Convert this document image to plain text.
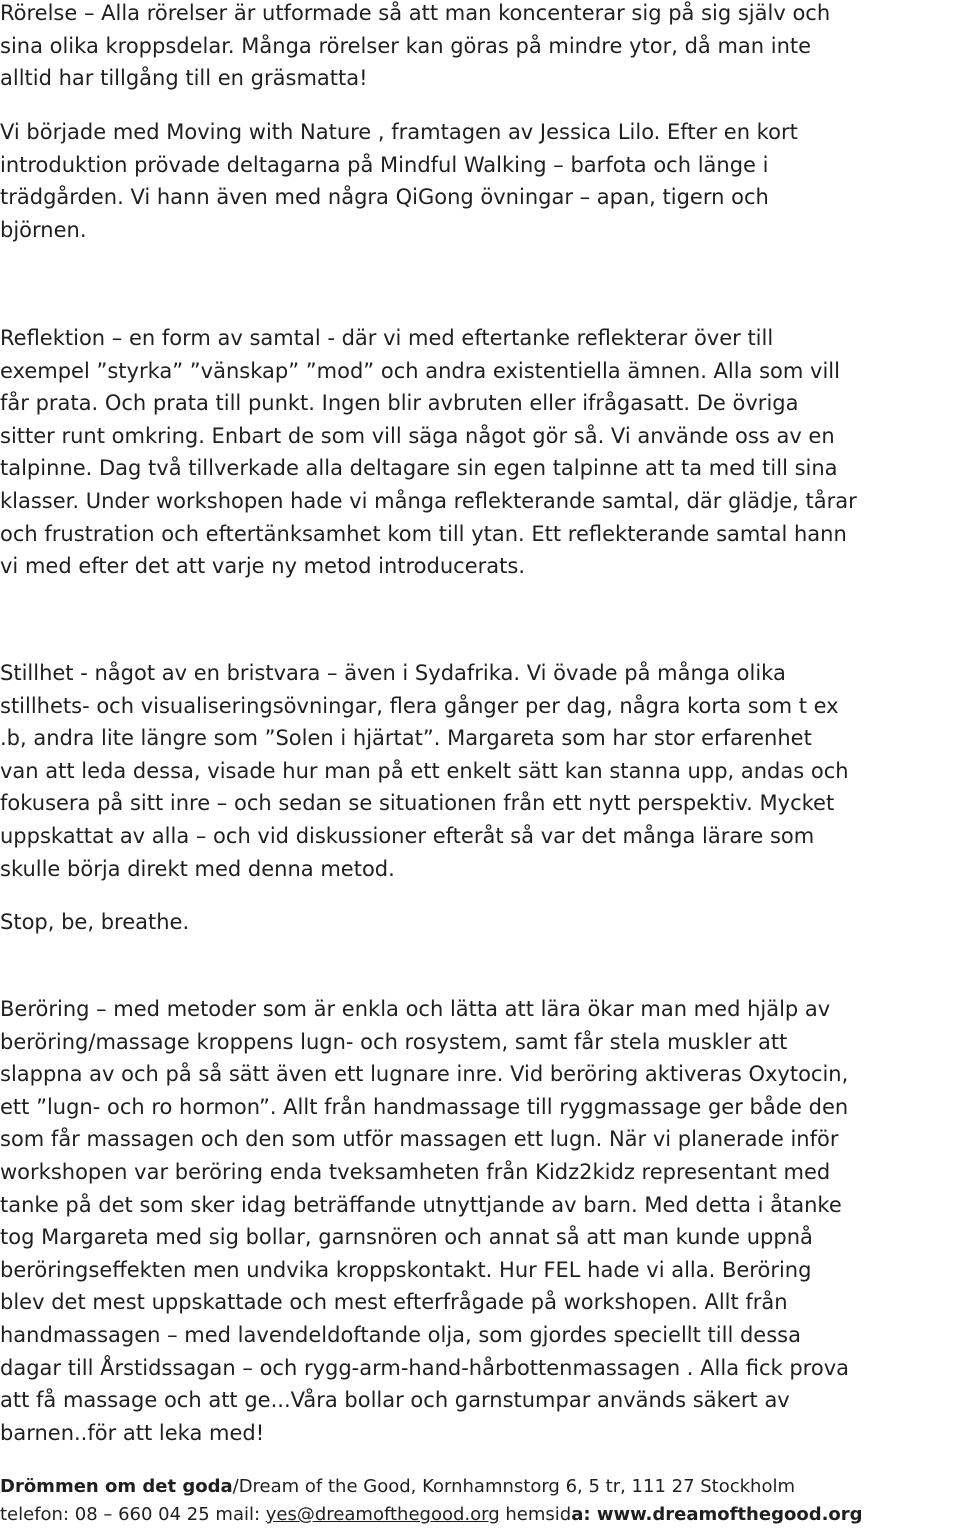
Rörelse – Alla rörelser är utformade så att man koncenterar sig på sig själv och
sina olika kroppsdelar. Många rörelser kan göras på mindre ytor, då man inte
alltid har tillgång till en gräsmatta!
Vi började med Moving with Nature , framtagen av Jessica Lilo. Efter en kort
introduktion prövade deltagarna på Mindful Walking – barfota och länge i
trädgården. Vi hann även med några QiGong övningar – apan, tigern och
björnen.
Reflektion – en form av samtal - där vi med eftertanke reflekterar över till
exempel ”styrka” ”vänskap” ”mod” och andra existentiella ämnen. Alla som vill
får prata. Och prata till punkt. Ingen blir avbruten eller ifrågasatt. De övriga
sitter runt omkring. Enbart de som vill säga något gör så. Vi använde oss av en
talpinne. Dag två tillverkade alla deltagare sin egen talpinne att ta med till sina
klasser. Under workshopen hade vi många reflekterande samtal, där glädje, tårar
och frustration och eftertänksamhet kom till ytan. Ett reflekterande samtal hann
vi med efter det att varje ny metod introducerats.
Stillhet - något av en bristvara – även i Sydafrika. Vi övade på många olika
stillhets- och visualiseringsövningar, flera gånger per dag, några korta som t ex
.b, andra lite längre som ”Solen i hjärtat”. Margareta som har stor erfarenhet
van att leda dessa, visade hur man på ett enkelt sätt kan stanna upp, andas och
fokusera på sitt inre – och sedan se situationen från ett nytt perspektiv. Mycket
uppskattat av alla – och vid diskussioner efteråt så var det många lärare som
skulle börja direkt med denna metod.
Stop, be, breathe.
Beröring – med metoder som är enkla och lätta att lära ökar man med hjälp av
beröring/massage kroppens lugn- och rosystem, samt får stela muskler att
slappna av och på så sätt även ett lugnare inre. Vid beröring aktiveras Oxytocin,
ett ”lugn- och ro hormon”. Allt från handmassage till ryggmassage ger både den
som får massagen och den som utför massagen ett lugn. När vi planerade inför
workshopen var beröring enda tveksamheten från Kidz2kidz representant med
tanke på det som sker idag beträffande utnyttjande av barn. Med detta i åtanke
tog Margareta med sig bollar, garnsnören och annat så att man kunde uppnå
beröringseffekten men undvika kroppskontakt. Hur FEL hade vi alla. Beröring
blev det mest uppskattade och mest efterfrågade på workshopen. Allt från
handmassagen – med lavendeldoftande olja, som gjordes speciellt till dessa
dagar till Årstidssagan – och rygg-arm-hand-hårbottenmassagen . Alla fick prova
att få massage och att ge...Våra bollar och garnstumpar används säkert av
barnen..för att leka med!
Drömmen om det goda/Dream of the Good, Kornhamnstorg 6, 5 tr, 111 27 Stockholm
telefon: 08 – 660 04 25 mail: yes@dreamofthegood.org hemsida: www.dreamofthegood.org
